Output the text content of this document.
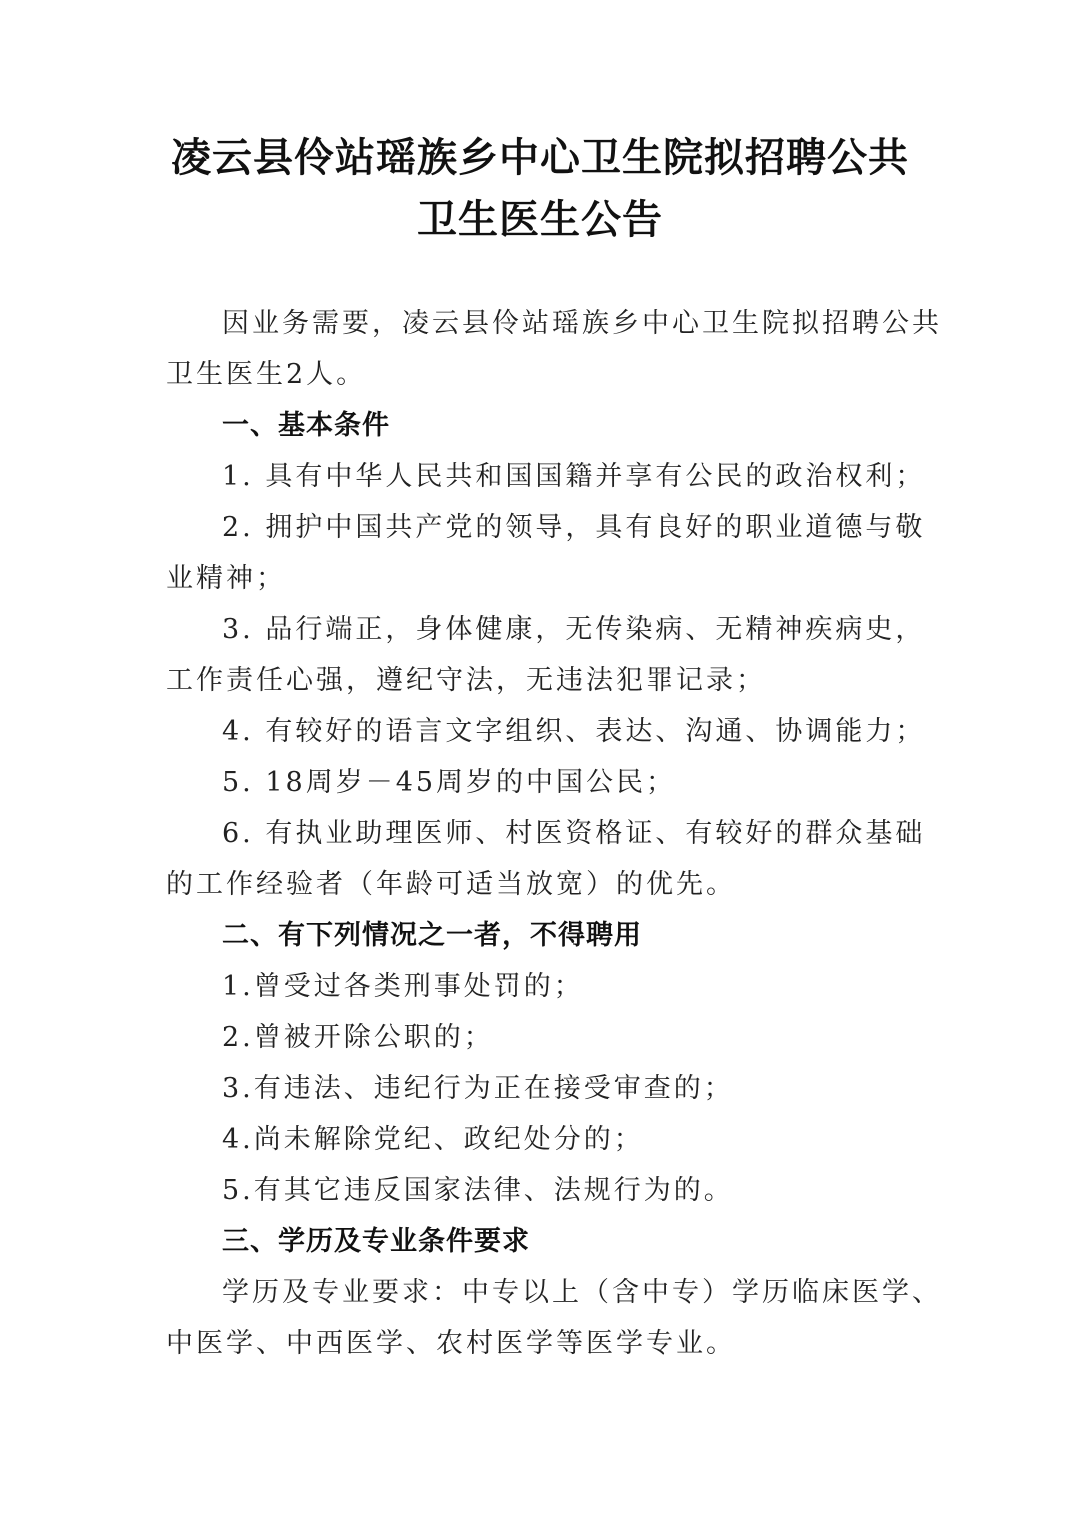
凌云县伶站瑶族乡中心卫生院拟招聘公共
卫生医生公告
因业务需要，凌云县伶站瑶族乡中心卫生院拟招聘公共
卫生医生2人。
一、基本条件
1. 具有中华人民共和国国籍并享有公民的政治权利；
2. 拥护中国共产党的领导，具有良好的职业道德与敬
业精神；
3. 品行端正，身体健康，无传染病、无精神疾病史，
工作责任心强，遵纪守法，无违法犯罪记录；
4. 有较好的语言文字组织、表达、沟通、协调能力；
5. 18周岁－45周岁的中国公民；
6. 有执业助理医师、村医资格证、有较好的群众基础
的工作经验者（年龄可适当放宽）的优先。
二、有下列情况之一者，不得聘用
1.曾受过各类刑事处罚的；
2.曾被开除公职的；
3.有违法、违纪行为正在接受审查的；
4.尚未解除党纪、政纪处分的；
5.有其它违反国家法律、法规行为的。
三、学历及专业条件要求
学历及专业要求：中专以上（含中专）学历临床医学、
中医学、中西医学、农村医学等医学专业。
